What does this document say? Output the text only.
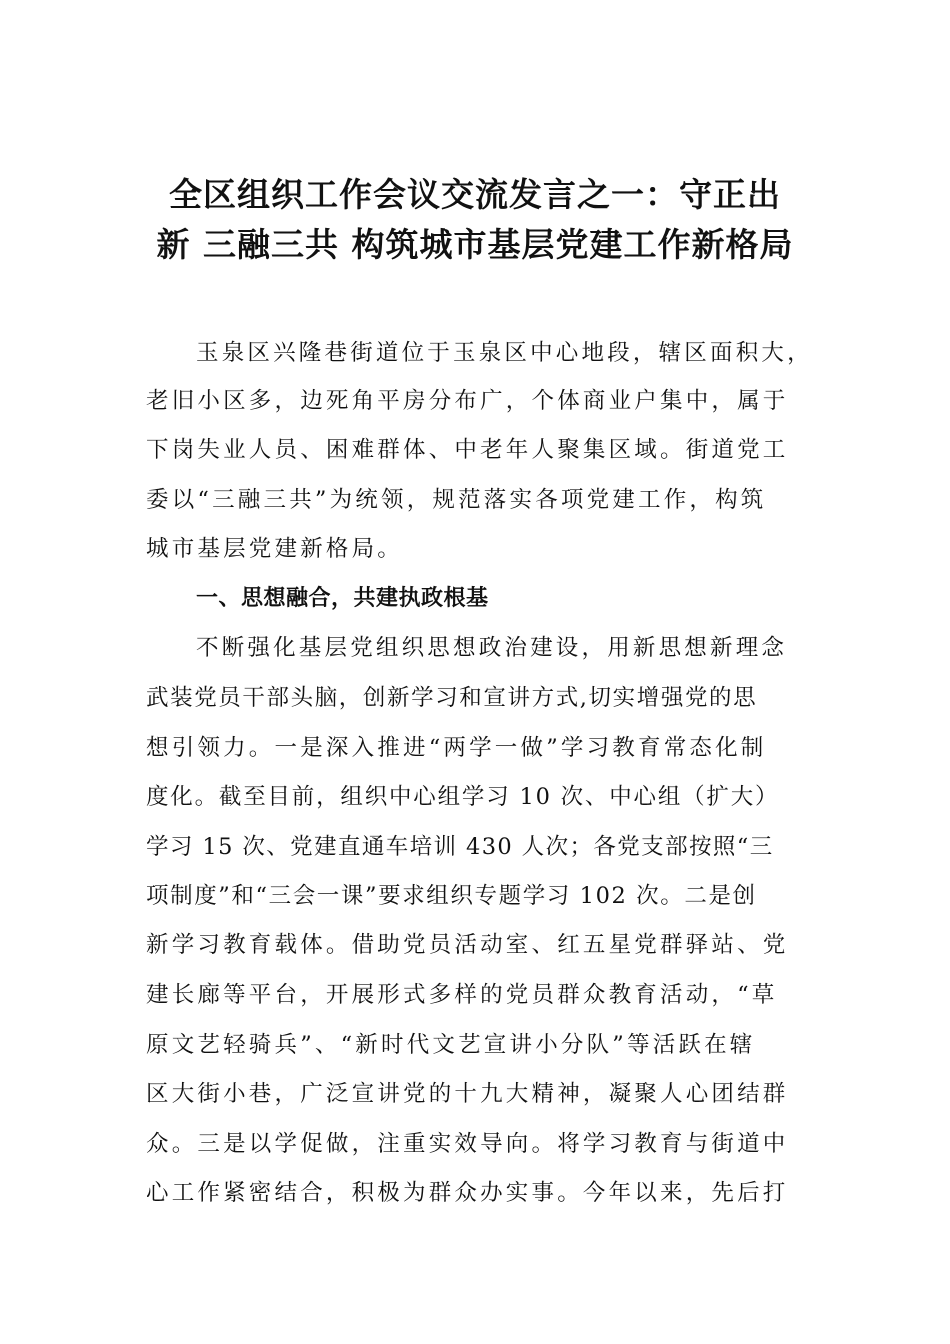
全区组织工作会议交流发言之一：守正出
新 三融三共 构筑城市基层党建工作新格局
玉泉区兴隆巷街道位于玉泉区中心地段，辖区面积大，
老旧小区多，边死角平房分布广，个体商业户集中，属于
下岗失业人员、困难群体、中老年人聚集区域。街道党工
委以“三融三共”为统领，规范落实各项党建工作，构筑
城市基层党建新格局。
一、思想融合，共建执政根基
不断强化基层党组织思想政治建设，用新思想新理念
武装党员干部头脑，创新学习和宣讲方式,切实增强党的思
想引领力。一是深入推进“两学一做”学习教育常态化制
度化。截至目前，组织中心组学习 10 次、中心组（扩大）
学习 15 次、党建直通车培训 430 人次；各党支部按照“三
项制度”和“三会一课”要求组织专题学习 102 次。二是创
新学习教育载体。借助党员活动室、红五星党群驿站、党
建长廊等平台，开展形式多样的党员群众教育活动，“草
原文艺轻骑兵”、“新时代文艺宣讲小分队”等活跃在辖
区大街小巷，广泛宣讲党的十九大精神，凝聚人心团结群
众。三是以学促做，注重实效导向。将学习教育与街道中
心工作紧密结合，积极为群众办实事。今年以来，先后打
